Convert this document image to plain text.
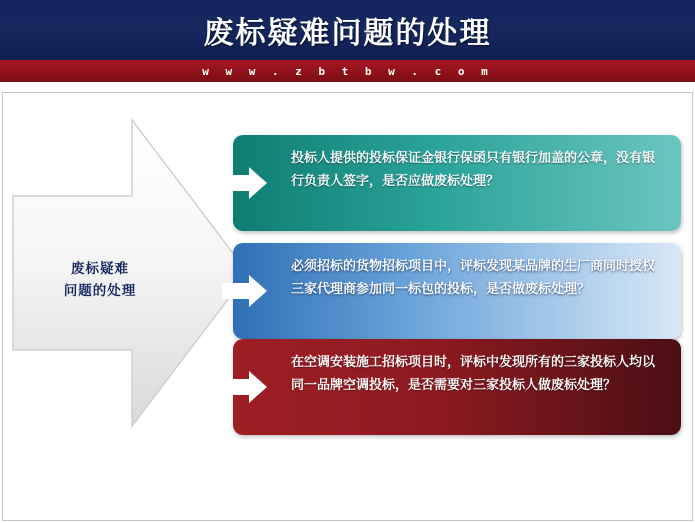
废标疑难问题的处理
w w w . z b t b w . c o m
废标疑难
问题的处理
投标人提供的投标保证金银行保函只有银行加盖的公章，没有银行负责人签字，是否应做废标处理？
必须招标的货物招标项目中，评标发现某品牌的生厂商同时授权三家代理商参加同一标包的投标，是否做废标处理？
在空调安装施工招标项目时，评标中发现所有的三家投标人均以同一品牌空调投标，是否需要对三家投标人做废标处理？
